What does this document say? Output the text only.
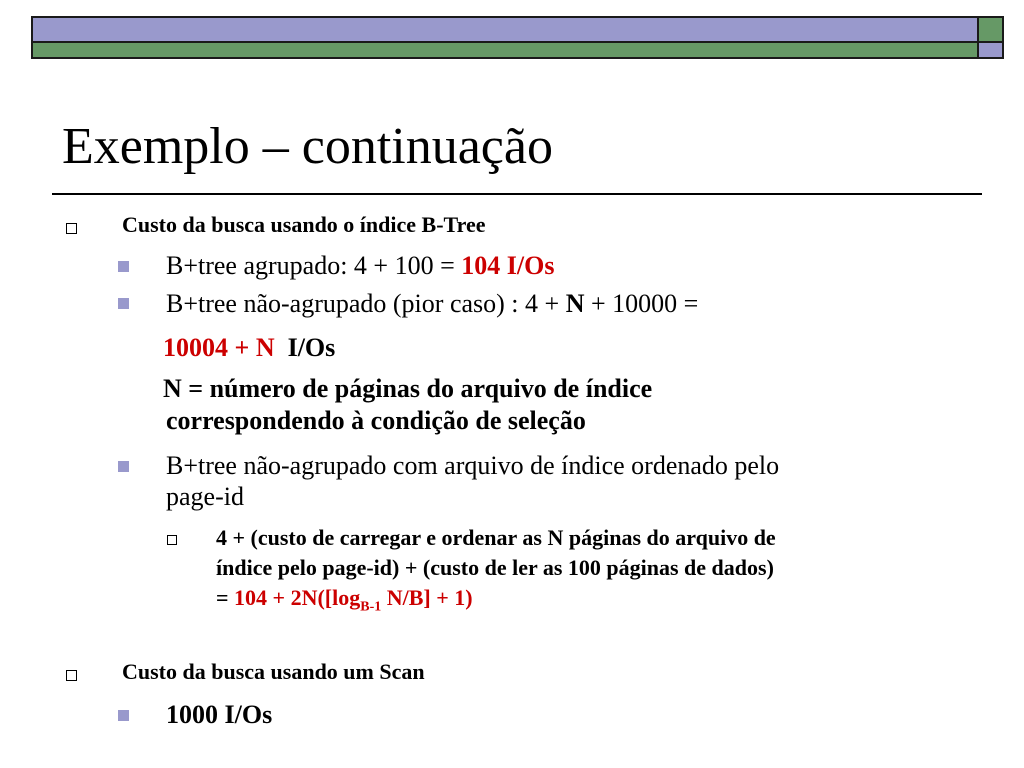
Exemplo – continuação
Custo da busca usando o índice B-Tree
B+tree agrupado: 4 + 100 = 104 I/Os
B+tree não-agrupado (pior caso) : 4 + N + 10000 =
10004 + N I/Os
N = número de páginas do arquivo de índice
correspondendo à condição de seleção
B+tree não-agrupado com arquivo de índice ordenado pelo
page-id
4 + (custo de carregar e ordenar as N páginas do arquivo de
índice pelo page-id) + (custo de ler as 100 páginas de dados)
= $104 + 2N([\log_{B-1}$ N/B] + 1)
Custo da busca usando um Scan
1000 I/Os
